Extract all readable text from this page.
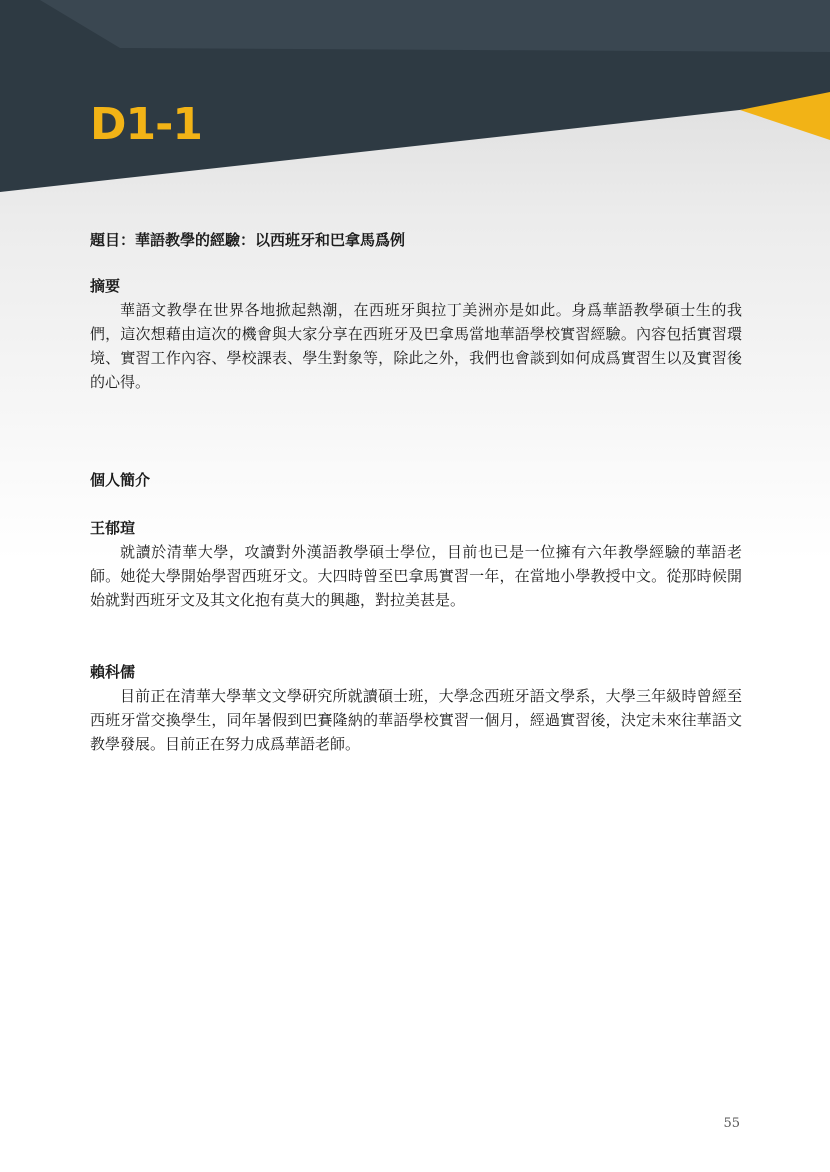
D1-1

題目：華語教學的經驗：以西班牙和巴拿馬爲例

摘要

華語文教學在世界各地掀起熱潮，在西班牙與拉丁美洲亦是如此。身爲華語教學碩士生的我們，這次想藉由這次的機會與大家分享在西班牙及巴拿馬當地華語學校實習經驗。內容包括實習環境、實習工作內容、學校課表、學生對象等，除此之外，我們也會談到如何成爲實習生以及實習後的心得。

個人簡介

王郁瑄

就讀於清華大學，攻讀對外漢語教學碩士學位，目前也已是一位擁有六年教學經驗的華語老師。她從大學開始學習西班牙文。大四時曾至巴拿馬實習一年，在當地小學教授中文。從那時候開始就對西班牙文及其文化抱有莫大的興趣，對拉美甚是。

賴科儒

目前正在清華大學華文文學研究所就讀碩士班，大學念西班牙語文學系，大學三年級時曾經至西班牙當交換學生，同年暑假到巴賽隆納的華語學校實習一個月，經過實習後，決定未來往華語文教學發展。目前正在努力成爲華語老師。

55
